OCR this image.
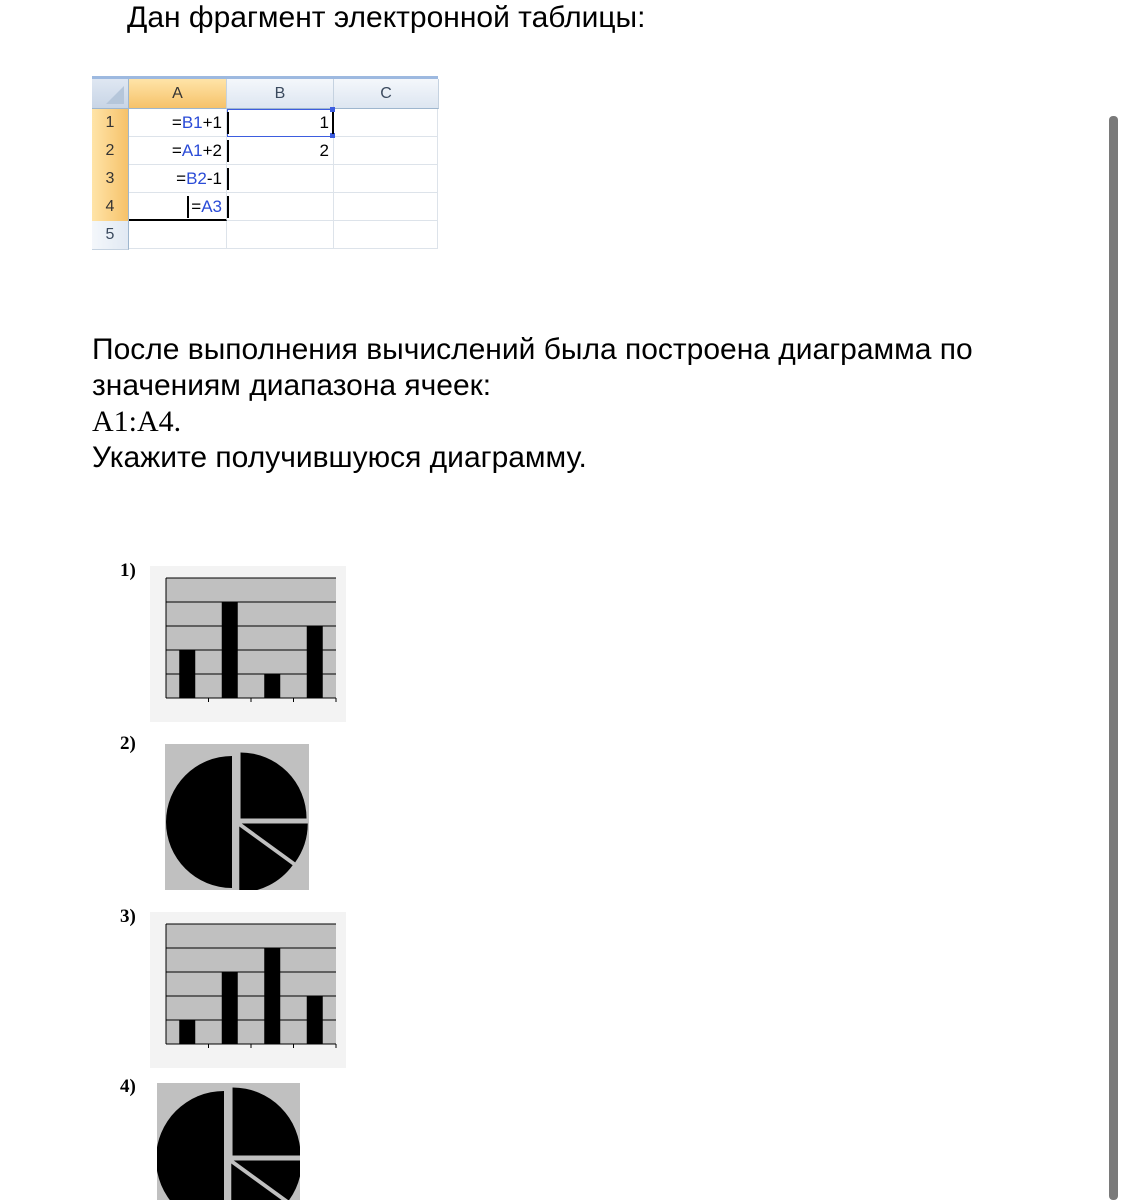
Дан фрагмент электронной таблицы:
A	B	C
1
2
3
4
5
=B1+1
=A1+2
=B2-1
=A3
1
2
После выполнения вычислений была построена диаграмма по
значениям диапазона ячеек:
A1:A4.
Укажите получившуюся диаграмму.
1)
2)
3)
4)
